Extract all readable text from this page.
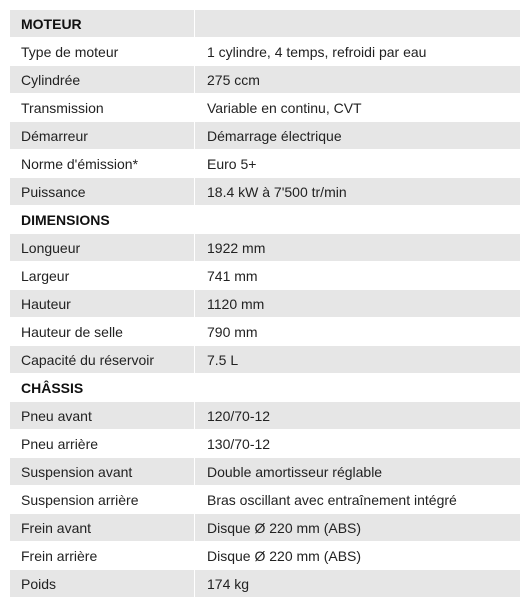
MOTEUR	
Type de moteur	1 cylindre, 4 temps, refroidi par eau
Cylindrée	275 ccm
Transmission	Variable en continu, CVT
Démarreur	Démarrage électrique
Norme d'émission*	Euro 5+
Puissance	18.4 kW à 7'500 tr/min
DIMENSIONS	
Longueur	1922 mm
Largeur	741 mm
Hauteur	1120 mm
Hauteur de selle	790 mm
Capacité du réservoir	7.5 L
CHÂSSIS	
Pneu avant	120/70-12
Pneu arrière	130/70-12
Suspension avant	Double amortisseur réglable
Suspension arrière	Bras oscillant avec entraînement intégré
Frein avant	Disque Ø 220 mm (ABS)
Frein arrière	Disque Ø 220 mm (ABS)
Poids	174 kg
